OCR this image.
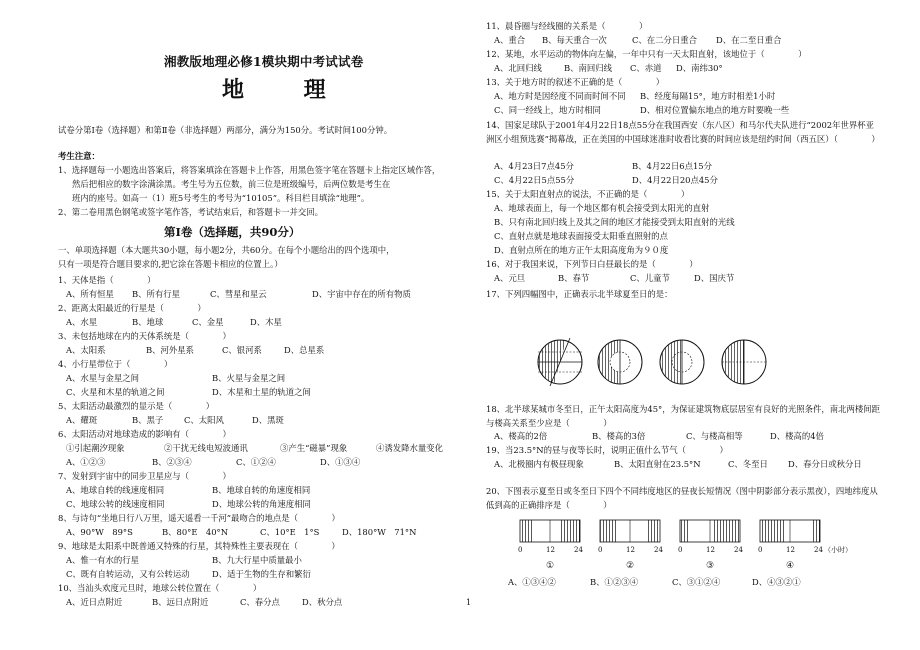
湘教版地理必修1模块期中考试试卷
地 理
试卷分第Ⅰ卷（选择题）和第Ⅱ卷（非选择题）两部分，满分为150分。考试时间100分钟。
考生注意：
1、选择题每一小题选出答案后，将答案填涂在答题卡上作答，用黑色签字笔在答题卡上指定区域作答，
然后把相应的数字涂满涂黑。考生号为五位数，前三位是班级编号，后两位数是考生在
班内的座号。如高一（1）班5号考生的考号为“10105”。科目栏目填涂“地理”。
2、第二卷用黑色钢笔或签字笔作答，考试结束后，和答题卡一并交回。
第Ⅰ卷（选择题，共90分）
一、单项选择题（本大题共30小题，每小题2分，共60分。在每个小题给出的四个选项中，
只有一项是符合题目要求的,把它涂在答题卡相应的位置上。）
1、天体是指（　　　　）
A、所有恒星 B、所有行星	C、彗星和星云	D、宇宙中存在的所有物质
2、距离太阳最近的行星是（　　　　）
A、水星	B、地球	C、金星	D、木星
3、未包括地球在内的天体系统是（　　　　）
A、太阳系	B、河外星系	C、银河系	D、总星系
4、小行星带位于（　　　　）
A、水星与金星之间	B、火星与金星之间
C、火星和木星的轨道之间	D、木星和土星的轨道之间
5、太阳活动最激烈的显示是（　　　　）
A、耀斑	B、黑子 C、太阳风	D、黑斑
6、太阳活动对地球造成的影响有（　　　　）
①引起潮汐现象	②干扰无线电短波通讯	③产生“磁暴”现象	④诱发降水量变化
A、①②③	B、②③④	C、①②④	D、①③④
7、发射到宇宙中的同步卫星应与（　　　　）
A、地球自转的线速度相同	B、地球自转的角速度相同
C、地球公转的线速度相同	D、地球公转的角速度相同
8、与诗句“坐地日行八万里，遥天遥看一千河”最吻合的地点是（　　　　）
A、90°W　89°S	B、80°E　40°N	C、10°E　1°S	D、180°W　71°N
9、地球是太阳系中既普通又特殊的行星，其特殊性主要表现在（　　　　）
A、惟一有水的行星	B、九大行星中质量最小
C、既有自转运动，又有公转运动	D、适于生物的生存和繁衍
10、当汕头欢度元旦时，地球公转位置在（　　　　）
A、近日点附近	B、远日点附近	C、春分点	D、秋分点	1
11、晨昏圈与经线圈的关系是（　　　　）
A、重合 B、每天重合一次	C、在二分日重合 D、在二至日重合
12、某地，水平运动的物体向左偏，一年中只有一天太阳直射，该地位于（　　　　）
A、北回归线	B、南回归线 C、赤道 D、南纬30°
13、关于地方时的叙述不正确的是（　　　　）
A、地方时是因经度不同而时间不同 B、经度每隔15°，地方时相差1小时
C、同一经线上，地方时相同	D、相对位置偏东地点的地方时要晚一些
14、国家足球队于2001年4月22日18点55分在我国西安（东八区）和马尔代夫队进行“2002年世界杯亚洲区小组预选赛”揭幕战，正在美国的中国球迷准时收看比赛的时间应该是纽约时间（西五区）（　　　　）
A、4月23日7点45分	B、4月22日6点15分
C、4月22日5点55分	D、4月22日20点45分
15、关于太阳直射点的说法，不正确的是（　　　　）
A、地球表面上，每一个地区都有机会接受到太阳光的直射
B、只有南北回归线上及其之间的地区才能接受到太阳直射的光线
C、直射点就是地球表面接受太阳垂直照射的点
D、直射点所在的地方正午太阳高度角为９０度
16、对于我国来说，下列节日白昼最长的是（　　　　）
A、元旦	B、春节	C、儿童节	D、国庆节
17、下列四幅图中，正确表示北半球夏至日的是：
18、北半球某城市冬至日，正午太阳高度为45°，为保证建筑物底层居室有良好的光照条件，南北两楼间距与楼高关系至少应是（　　　　）
A、楼高的2倍	B、楼高的3倍	C、与楼高相等	D、楼高的4倍
19、当23.5°N的昼与夜等长时，说明正值什么节气（　　　　）
A、北极圈内有极昼现象	B、太阳直射在23.5°N	C、冬至日 D、春分日或秋分日
20、下图表示夏至日或冬至日下四个不同纬度地区的昼夜长短情况（图中阴影部分表示黑夜），四地纬度从低到高的正确排序是（　　　　）
0	12	24 0	12	24 0	12	24 0	12	24 （小时）
①	②	③	④
A、①③④②	B、①②③④	C、③①②④	D、④③②①
